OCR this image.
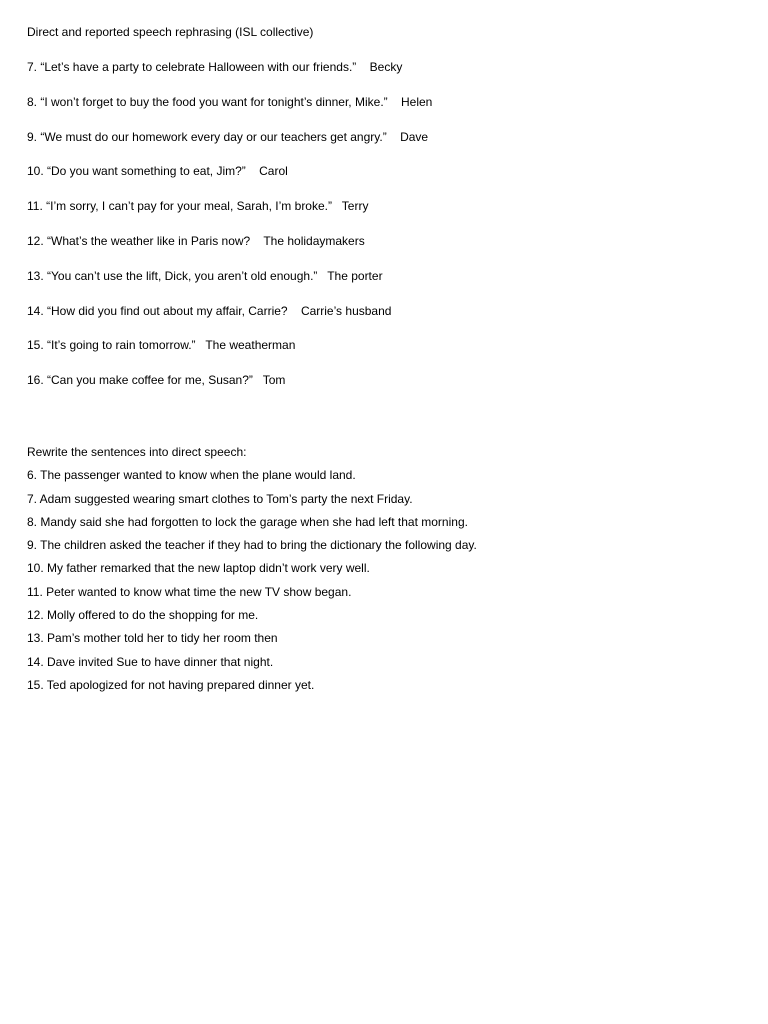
Direct and reported speech rephrasing (ISL collective)
7. “Let’s have a party to celebrate Halloween with our friends.” Becky
8. “I won’t forget to buy the food you want for tonight’s dinner, Mike.” Helen
9. “We must do our homework every day or our teachers get angry.” Dave
10. “Do you want something to eat, Jim?” Carol
11. “I’m sorry, I can’t pay for your meal, Sarah, I’m broke.” Terry
12. “What’s the weather like in Paris now? The holidaymakers
13. “You can’t use the lift, Dick, you aren’t old enough.” The porter
14. “How did you find out about my affair, Carrie? Carrie’s husband
15. “It’s going to rain tomorrow.” The weatherman
16. “Can you make coffee for me, Susan?” Tom
Rewrite the sentences into direct speech:
6. The passenger wanted to know when the plane would land.
7. Adam suggested wearing smart clothes to Tom’s party the next Friday.
8. Mandy said she had forgotten to lock the garage when she had left that morning.
9. The children asked the teacher if they had to bring the dictionary the following day.
10. My father remarked that the new laptop didn’t work very well.
11. Peter wanted to know what time the new TV show began.
12. Molly offered to do the shopping for me.
13. Pam’s mother told her to tidy her room then
14. Dave invited Sue to have dinner that night.
15. Ted apologized for not having prepared dinner yet.
